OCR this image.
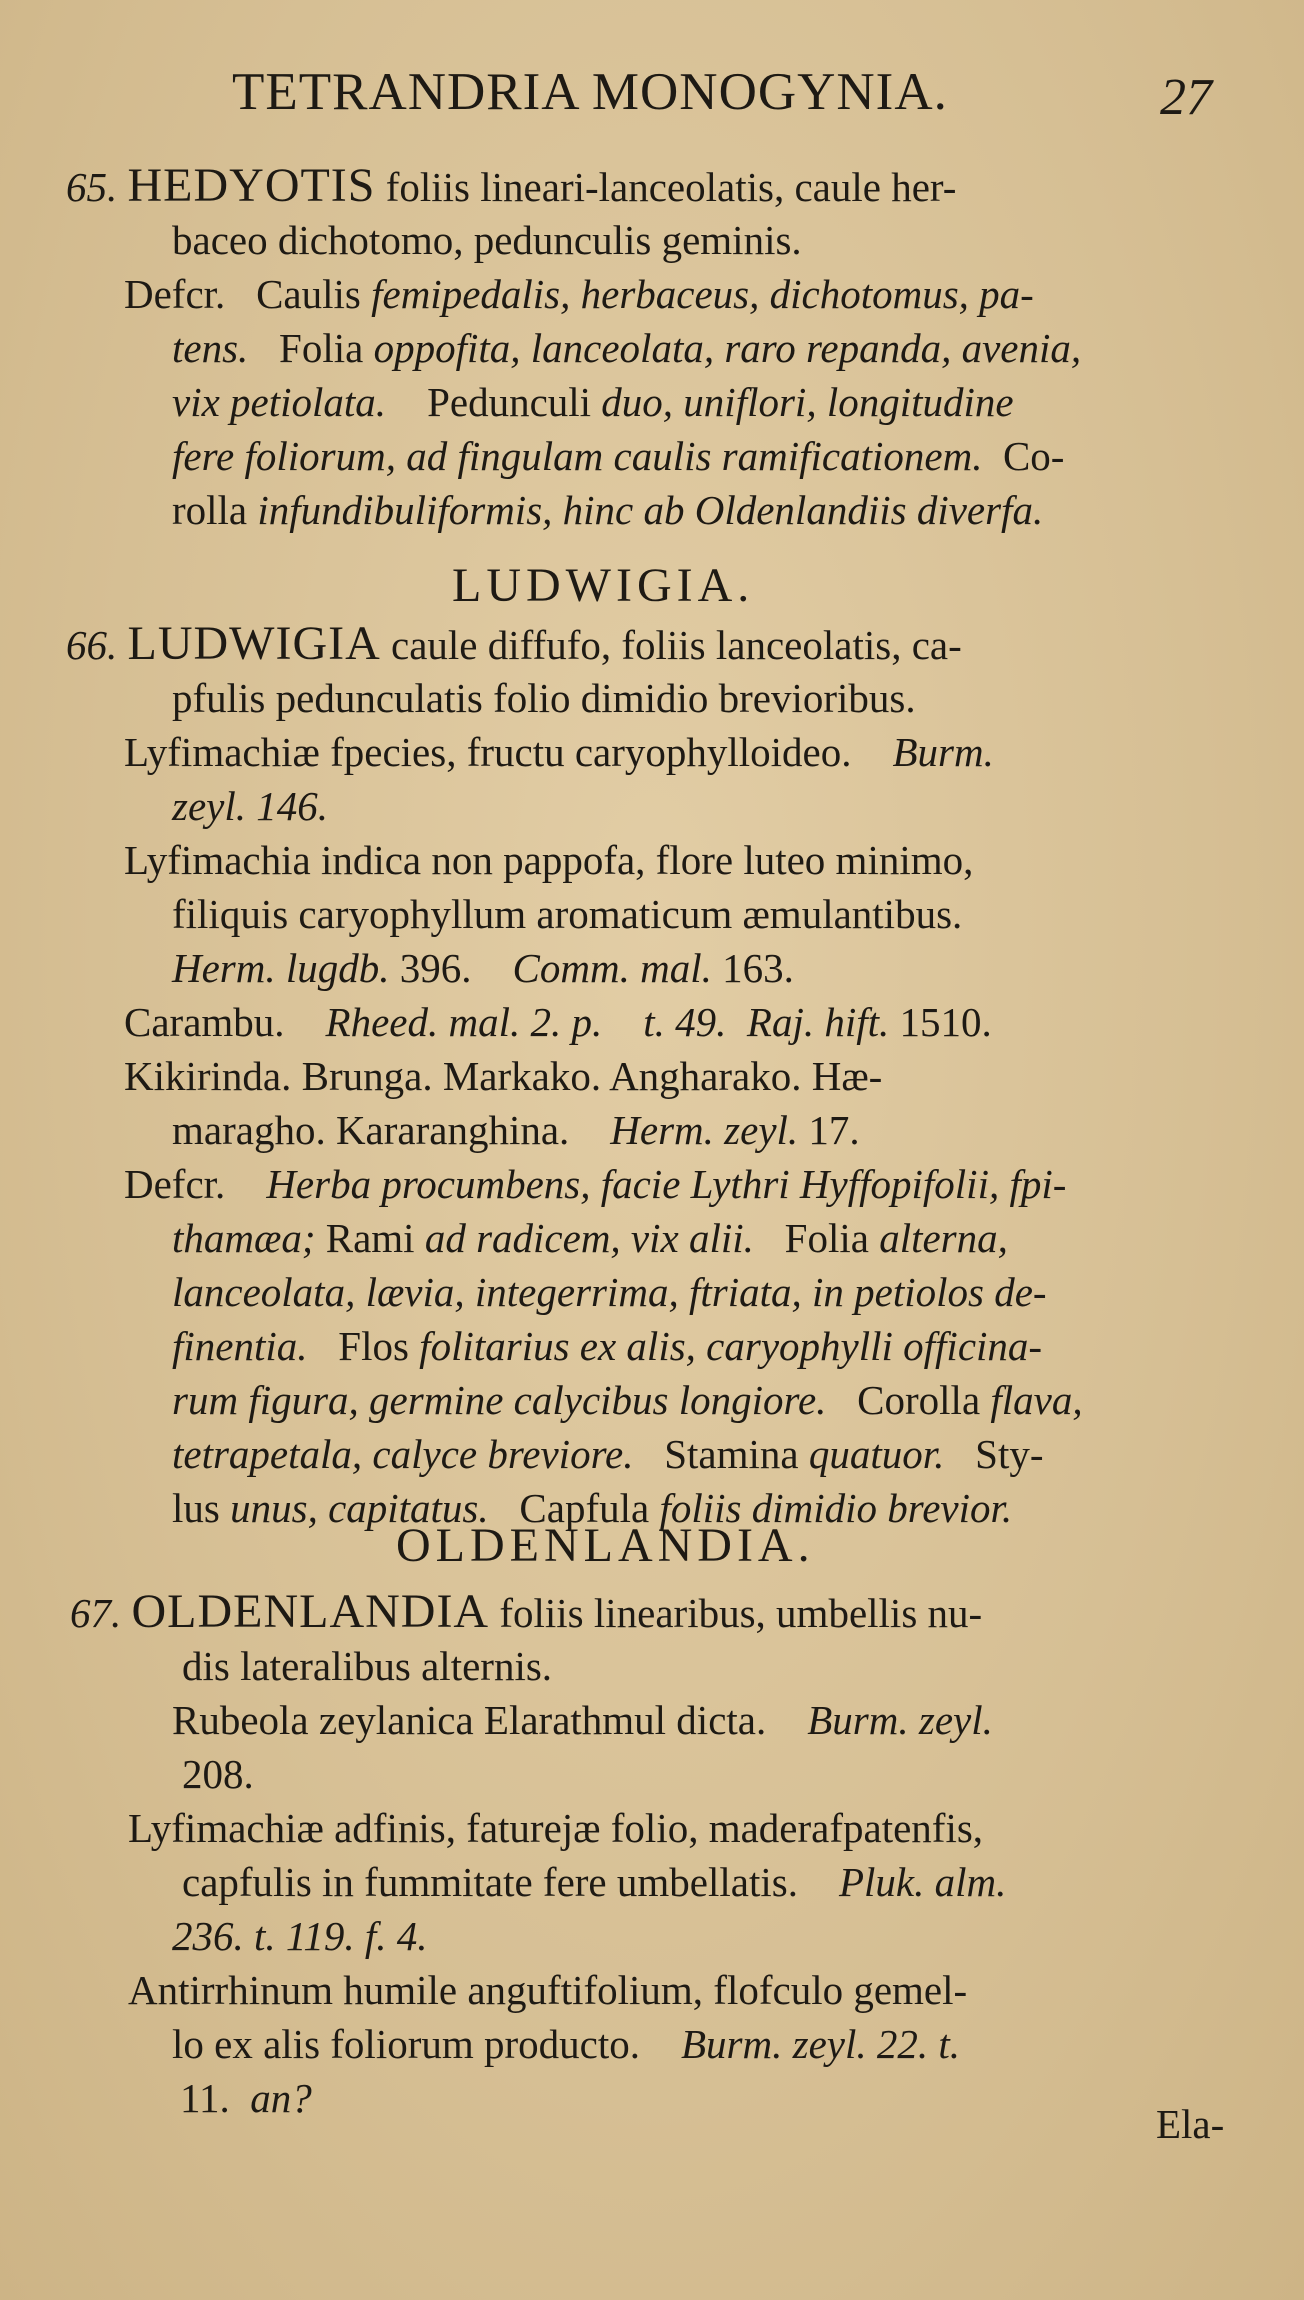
TETRANDRIA MONOGYNIA.	27
65. HEDYOTIS foliis lineari-lanceolatis, caule her-
baceo dichotomo, pedunculis geminis.
Defcr. Caulis femipedalis, herbaceus, dichotomus, pa-
tens. Folia oppofita, lanceolata, raro repanda, avenia,
vix petiolata. Pedunculi duo, uniflori, longitudine
fere foliorum, ad fingulam caulis ramificationem. Co-
rolla infundibuliformis, hinc ab Oldenlandiis diverfa.
LUDWIGIA.
66. LUDWIGIA caule diffufo, foliis lanceolatis, ca-
pfulis pedunculatis folio dimidio brevioribus.
Lyfimachiæ fpecies, fructu caryophylloideo. Burm.
zeyl. 146.
Lyfimachia indica non pappofa, flore luteo minimo,
filiquis caryophyllum aromaticum æmulantibus.
Herm. lugdb. 396. Comm. mal. 163.
Carambu. Rheed. mal. 2. p. t. 49. Raj. hift. 1510.
Kikirinda. Brunga. Markako. Angharako. Hæ-
maragho. Kararanghina. Herm. zeyl. 17.
Defcr. Herba procumbens, facie Lythri Hyffopifolii, fpi-
thamæa; Rami ad radicem, vix alii. Folia alterna,
lanceolata, lævia, integerrima, ftriata, in petiolos de-
finentia. Flos folitarius ex alis, caryophylli officina-
rum figura, germine calycibus longiore. Corolla flava,
tetrapetala, calyce breviore. Stamina quatuor. Sty-
lus unus, capitatus. Capfula foliis dimidio brevior.
OLDENLANDIA.
67. OLDENLANDIA foliis linearibus, umbellis nu-
dis lateralibus alternis.
Rubeola zeylanica Elarathmul dicta. Burm. zeyl.
208.
Lyfimachiæ adfinis, faturejæ folio, maderafpatenfis,
capfulis in fummitate fere umbellatis. Pluk. alm.
236. t. 119. f. 4.
Antirrhinum humile anguftifolium, flofculo gemel-
lo ex alis foliorum producto. Burm. zeyl. 22. t.
11. an?
Ela-
